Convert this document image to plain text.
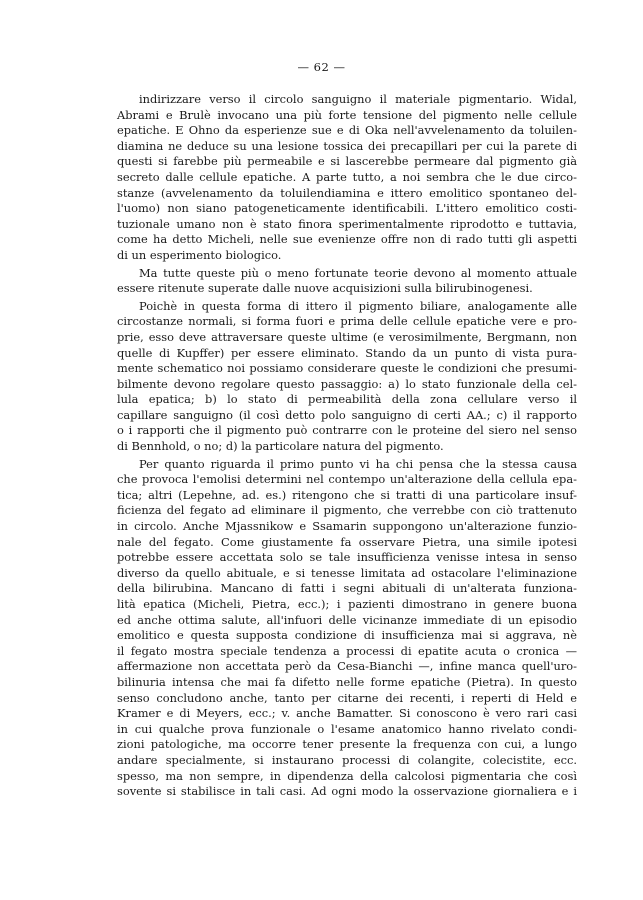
— 62 —
indirizzare verso il circolo sanguigno il materiale pigmentario. Widal,
Abrami e Brulè invocano una più forte tensione del pigmento nelle cellule
epatiche. E Ohno da esperienze sue e di Oka nell'avvelenamento da toluilen-
diamina ne deduce su una lesione tossica dei precapillari per cui la parete di
questi si farebbe più permeabile e si lascerebbe permeare dal pigmento già
secreto dalle cellule epatiche. A parte tutto, a noi sembra che le due circo-
stanze (avvelenamento da toluilendiamina e ittero emolitico spontaneo del-
l'uomo) non siano patogeneticamente identificabili. L'ittero emolitico costi-
tuzionale umano non è stato finora sperimentalmente riprodotto e tuttavia,
come ha detto Micheli, nelle sue evenienze offre non di rado tutti gli aspetti
di un esperimento biologico.
Ma tutte queste più o meno fortunate teorie devono al momento attuale
essere ritenute superate dalle nuove acquisizioni sulla bilirubinogenesi.
Poichè in questa forma di ittero il pigmento biliare, analogamente alle
circostanze normali, si forma fuori e prima delle cellule epatiche vere e pro-
prie, esso deve attraversare queste ultime (e verosimilmente, Bergmann, non
quelle di Kupffer) per essere eliminato. Stando da un punto di vista pura-
mente schematico noi possiamo considerare queste le condizioni che presumi-
bilmente devono regolare questo passaggio: a) lo stato funzionale della cel-
lula epatica; b) lo stato di permeabilità della zona cellulare verso il
capillare sanguigno (il così detto polo sanguigno di certi AA.; c) il rapporto
o i rapporti che il pigmento può contrarre con le proteine del siero nel senso
di Bennhold, o no; d) la particolare natura del pigmento.
Per quanto riguarda il primo punto vi ha chi pensa che la stessa causa
che provoca l'emolisi determini nel contempo un'alterazione della cellula epa-
tica; altri (Lepehne, ad. es.) ritengono che si tratti di una particolare insuf-
ficienza del fegato ad eliminare il pigmento, che verrebbe con ciò trattenuto
in circolo. Anche Mjassnikow e Ssamarin suppongono un'alterazione funzio-
nale del fegato. Come giustamente fa osservare Pietra, una simile ipotesi
potrebbe essere accettata solo se tale insufficienza venisse intesa in senso
diverso da quello abituale, e si tenesse limitata ad ostacolare l'eliminazione
della bilirubina. Mancano di fatti i segni abituali di un'alterata funziona-
lità epatica (Micheli, Pietra, ecc.); i pazienti dimostrano in genere buona
ed anche ottima salute, all'infuori delle vicinanze immediate di un episodio
emolitico e questa supposta condizione di insufficienza mai si aggrava, nè
il fegato mostra speciale tendenza a processi di epatite acuta o cronica —
affermazione non accettata però da Cesa-Bianchi —, infine manca quell'uro-
bilinuria intensa che mai fa difetto nelle forme epatiche (Pietra). In questo
senso concludono anche, tanto per citarne dei recenti, i reperti di Held e
Kramer e di Meyers, ecc.; v. anche Bamatter. Si conoscono è vero rari casi
in cui qualche prova funzionale o l'esame anatomico hanno rivelato condi-
zioni patologiche, ma occorre tener presente la frequenza con cui, a lungo
andare specialmente, si instaurano processi di colangite, colecistite, ecc.
spesso, ma non sempre, in dipendenza della calcolosi pigmentaria che così
sovente si stabilisce in tali casi. Ad ogni modo la osservazione giornaliera e i
